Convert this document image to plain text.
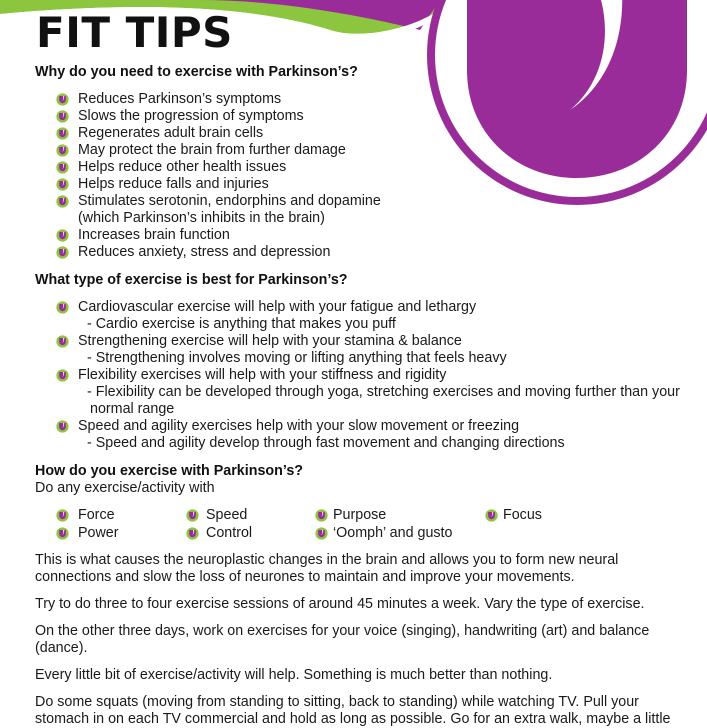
FIT TIPS
Why do you need to exercise with Parkinson’s?
Reduces Parkinson’s symptoms
Slows the progression of symptoms
Regenerates adult brain cells
May protect the brain from further damage
Helps reduce other health issues
Helps reduce falls and injuries
Stimulates serotonin, endorphins and dopamine
(which Parkinson’s inhibits in the brain)
Increases brain function
Reduces anxiety, stress and depression
What type of exercise is best for Parkinson’s?
Cardiovascular exercise will help with your fatigue and lethargy
- Cardio exercise is anything that makes you puff
Strengthening exercise will help with your stamina & balance
- Strengthening involves moving or lifting anything that feels heavy
Flexibility exercises will help with your stiffness and rigidity
- Flexibility can be developed through yoga, stretching exercises and moving further than your
normal range
Speed and agility exercises help with your slow movement or freezing
- Speed and agility develop through fast movement and changing directions
How do you exercise with Parkinson’s?
Do any exercise/activity with
Force	Speed	Purpose	Focus
Power	Control	‘Oomph’ and gusto

This is what causes the neuroplastic changes in the brain and allows you to form new neural connections and slow the loss of neurones to maintain and improve your movements.

Try to do three to four exercise sessions of around 45 minutes a week. Vary the type of exercise.

On the other three days, work on exercises for your voice (singing), handwriting (art) and balance (dance).

Every little bit of exercise/activity will help. Something is much better than nothing.

Do some squats (moving from standing to sitting, back to standing) while watching TV. Pull your stomach in on each TV commercial and hold as long as possible. Go for an extra walk, maybe a little
